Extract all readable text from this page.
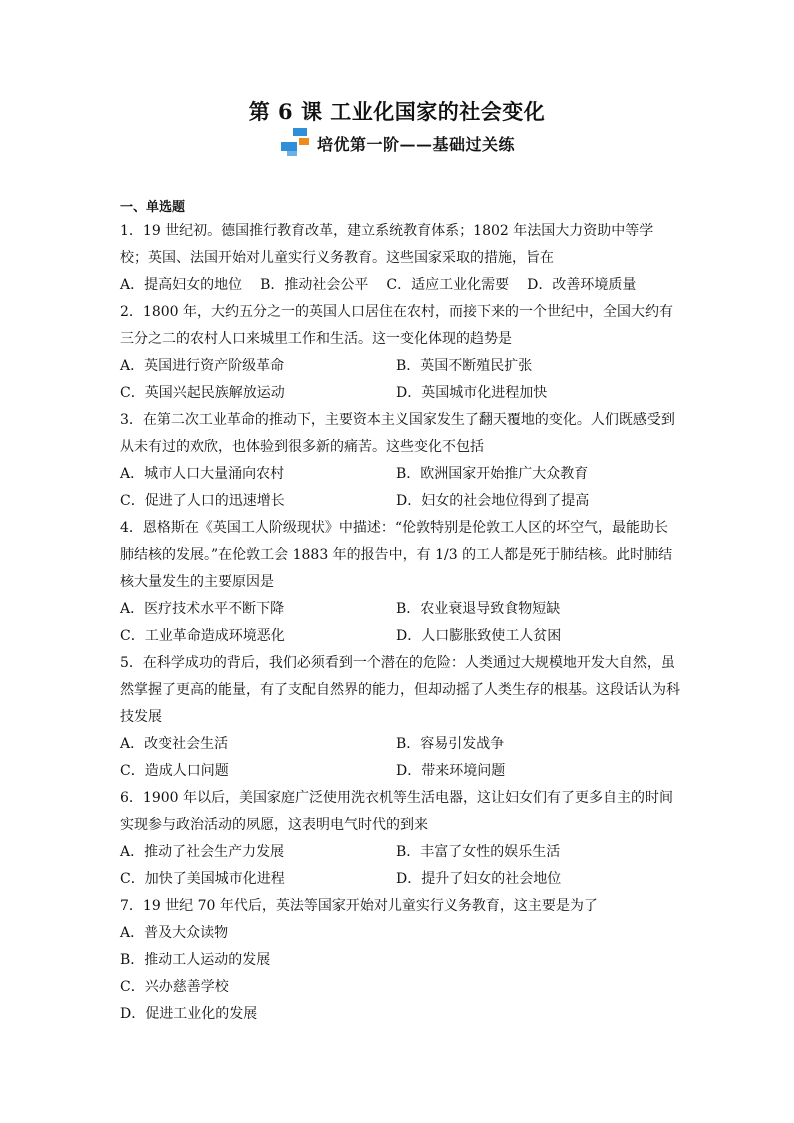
第 6 课 工业化国家的社会变化
培优第一阶——基础过关练
一、单选题

1．19 世纪初。德国推行教育改革，建立系统教育体系；1802 年法国大力资助中等学校；英国、法国开始对儿童实行义务教育。这些国家采取的措施，旨在

A．提高妇女的地位 B．推动社会公平 C．适应工业化需要 D．改善环境质量

2．1800 年，大约五分之一的英国人口居住在农村，而接下来的一个世纪中，全国大约有三分之二的农村人口来城里工作和生活。这一变化体现的趋势是

A．英国进行资产阶级革命	B．英国不断殖民扩张
C．英国兴起民族解放运动	D．英国城市化进程加快

3．在第二次工业革命的推动下，主要资本主义国家发生了翻天覆地的变化。人们既感受到从未有过的欢欣，也体验到很多新的痛苦。这些变化不包括

A．城市人口大量涌向农村	B．欧洲国家开始推广大众教育
C．促进了人口的迅速增长	D．妇女的社会地位得到了提高

4．恩格斯在《英国工人阶级现状》中描述：“伦敦特别是伦敦工人区的坏空气，最能助长肺结核的发展。”在伦敦工会 1883 年的报告中，有 1/3 的工人都是死于肺结核。此时肺结核大量发生的主要原因是

A．医疗技术水平不断下降	B．农业衰退导致食物短缺
C．工业革命造成环境恶化	D．人口膨胀致使工人贫困

5．在科学成功的背后，我们必须看到一个潜在的危险：人类通过大规模地开发大自然，虽然掌握了更高的能量，有了支配自然界的能力，但却动摇了人类生存的根基。这段话认为科技发展

A．改变社会生活	B．容易引发战争
C．造成人口问题	D．带来环境问题

6．1900 年以后，美国家庭广泛使用洗衣机等生活电器，这让妇女们有了更多自主的时间实现参与政治活动的夙愿，这表明电气时代的到来

A．推动了社会生产力发展	B．丰富了女性的娱乐生活
C．加快了美国城市化进程	D．提升了妇女的社会地位

7．19 世纪 70 年代后，英法等国家开始对儿童实行义务教育，这主要是为了

A．普及大众读物
B．推动工人运动的发展
C．兴办慈善学校
D．促进工业化的发展
